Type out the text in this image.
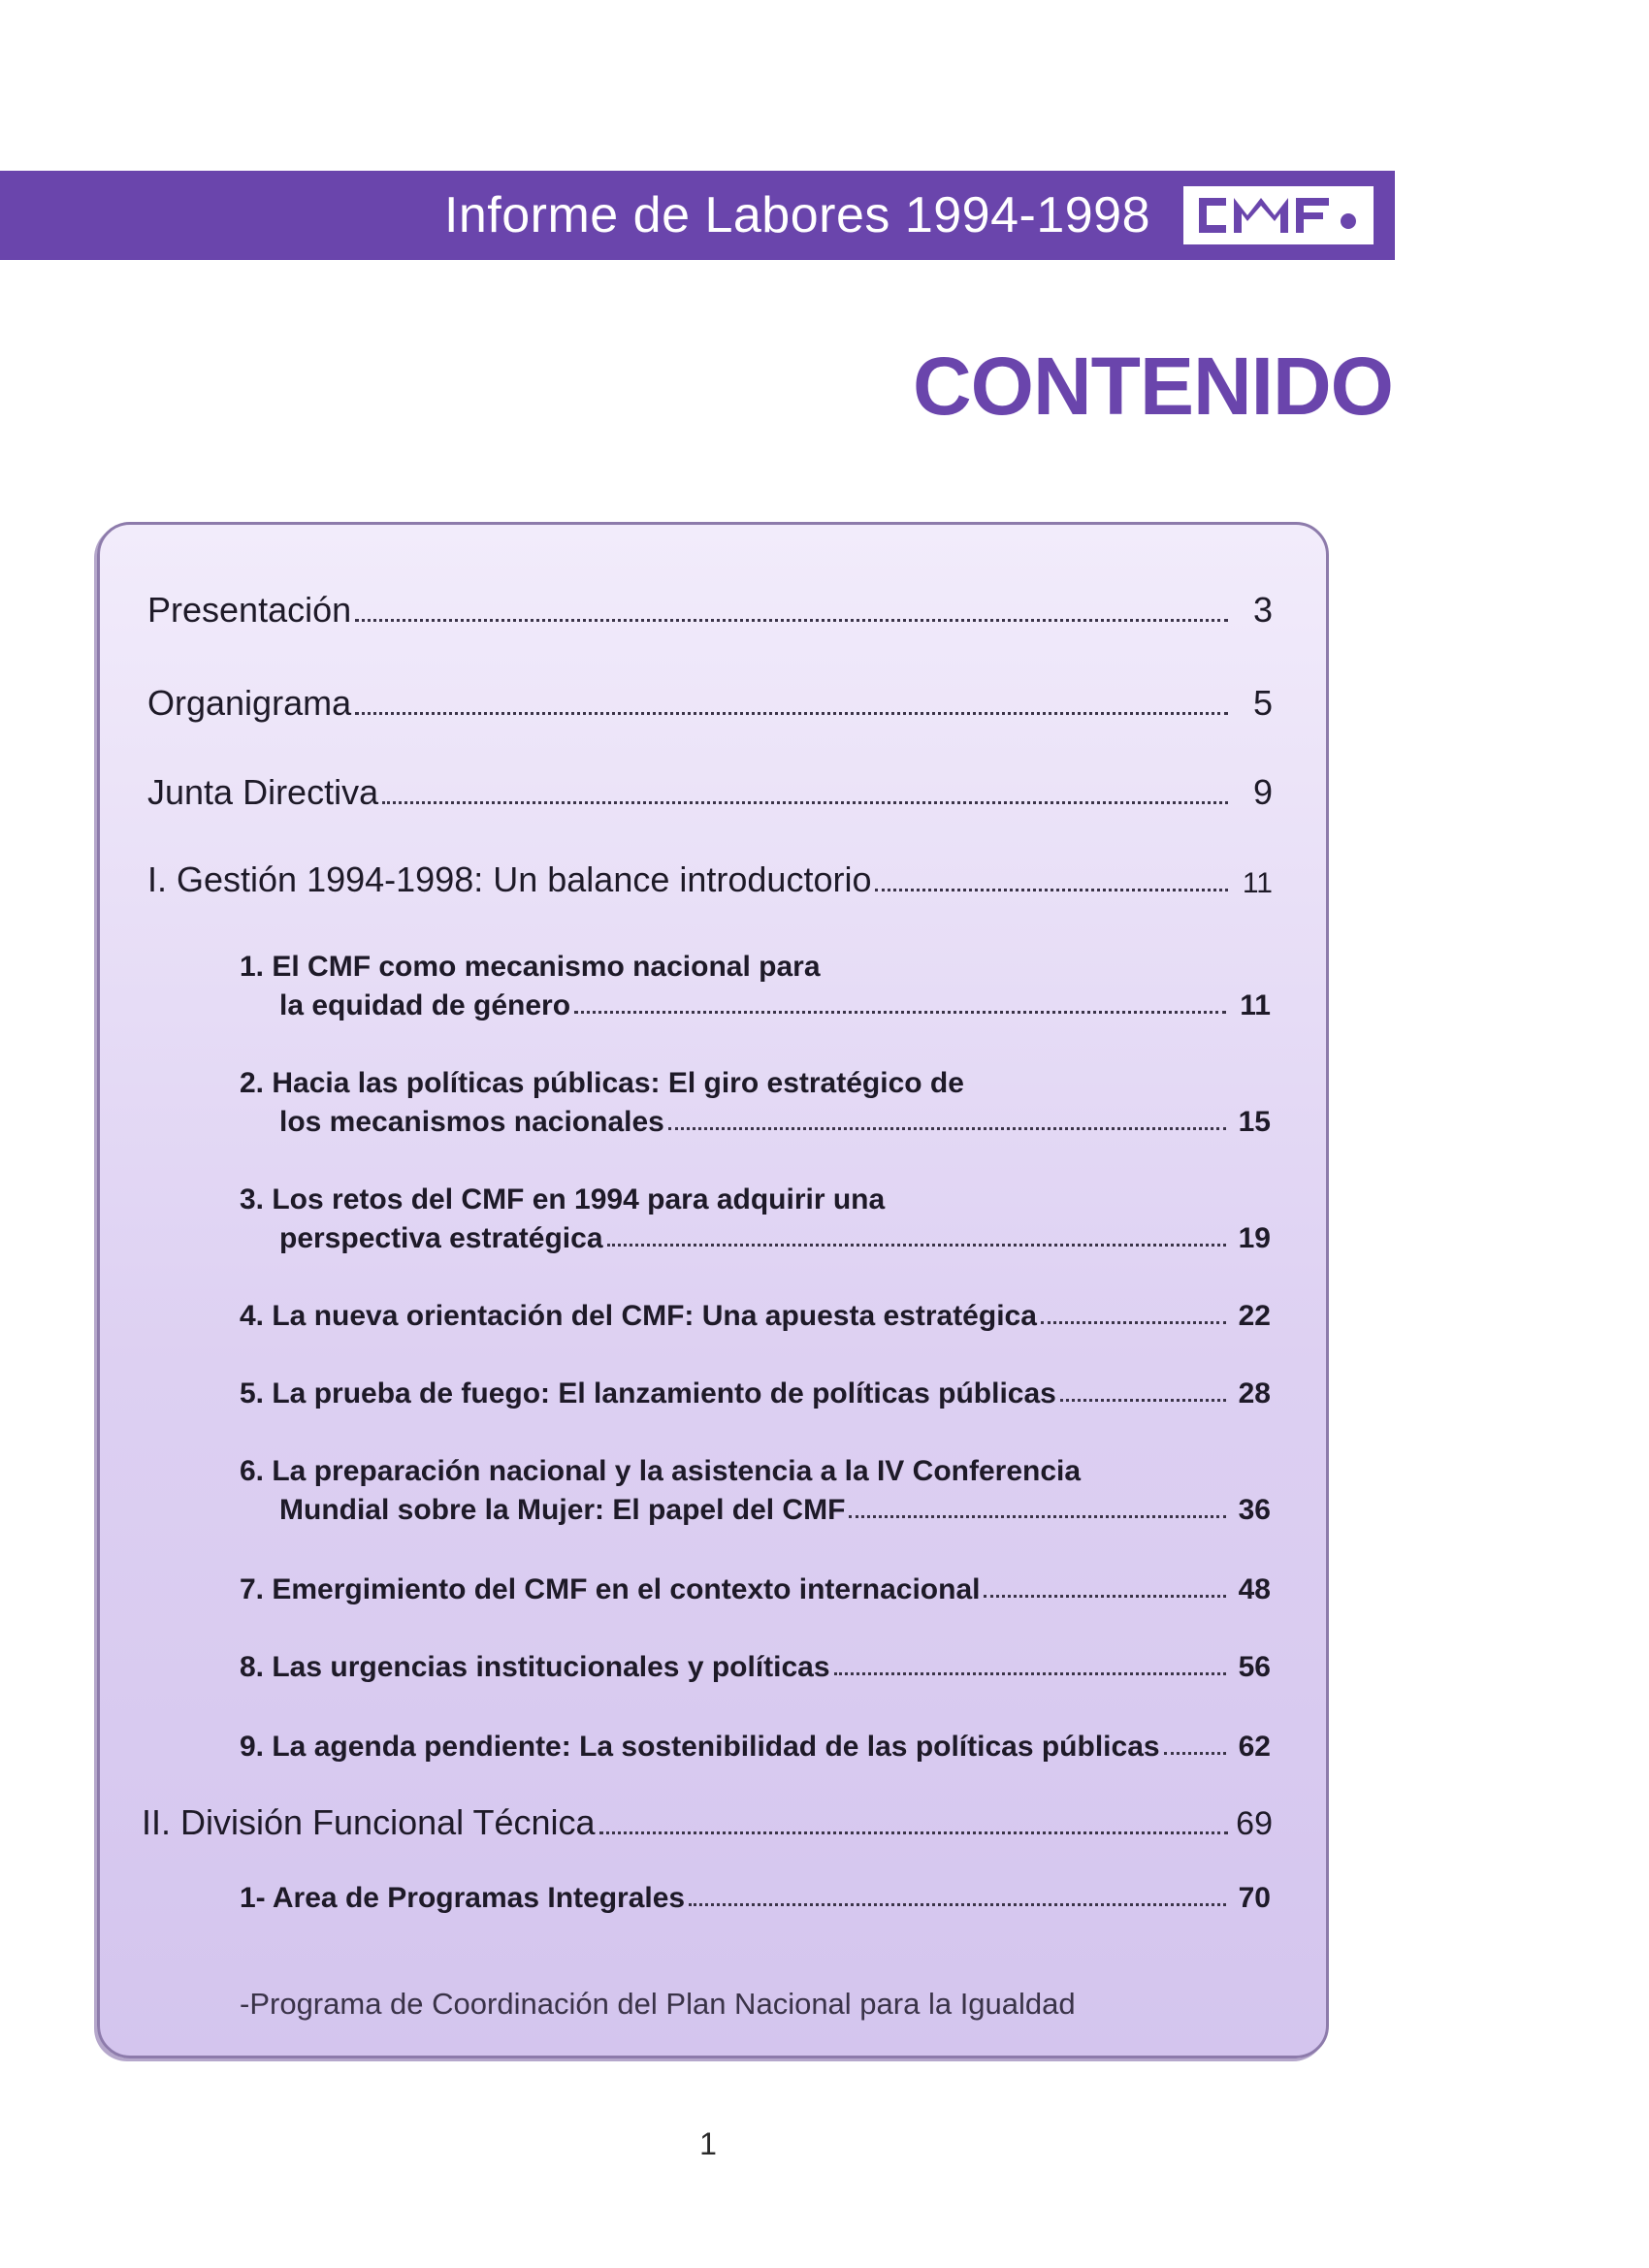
Informe de Labores 1994-1998
CONTENIDO
Presentación	3
Organigrama	5
Junta Directiva	9
I. Gestión 1994-1998: Un balance introductorio	11
1. El CMF como mecanismo nacional para
la equidad de género	11
2. Hacia las políticas públicas: El giro estratégico de
los mecanismos nacionales	15
3. Los retos del CMF en 1994 para adquirir una
perspectiva estratégica	19
4. La nueva orientación del CMF: Una apuesta estratégica	22
5. La prueba de fuego: El lanzamiento de políticas públicas	28
6. La preparación nacional y la asistencia a la IV Conferencia
Mundial sobre la Mujer: El papel del CMF	36
7. Emergimiento del CMF en el contexto internacional	48
8. Las urgencias institucionales y políticas	56
9. La agenda pendiente: La sostenibilidad de las políticas públicas	62
II. División Funcional Técnica	69
1- Area de Programas Integrales	70
-Programa de Coordinación del Plan Nacional para la Igualdad
1
